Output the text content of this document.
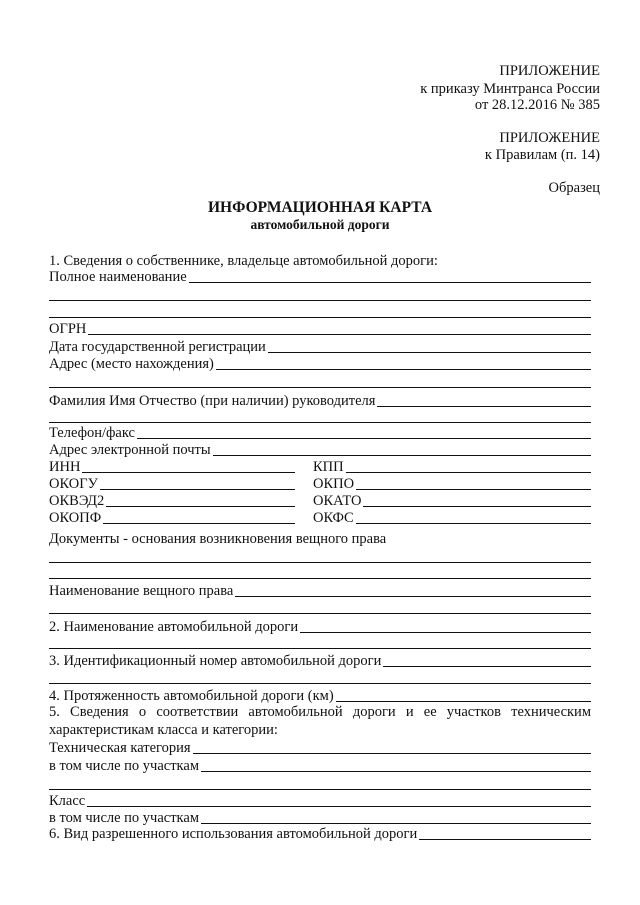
ПРИЛОЖЕНИЕ
к приказу Минтранса России
от 28.12.2016 № 385
ПРИЛОЖЕНИЕ
к Правилам (п. 14)
Образец
ИНФОРМАЦИОННАЯ КАРТА
автомобильной дороги
1. Сведения о собственнике, владельце автомобильной дороги:
Полное наименование
ОГРН
Дата государственной регистрации
Адрес (место нахождения)
Фамилия Имя Отчество (при наличии) руководителя
Телефон/факс
Адрес электронной почты
ИНН	КПП
ОКОГУ	ОКПО
ОКВЭД2	ОКАТО
ОКОПФ	ОКФС
Документы - основания возникновения вещного права
Наименование вещного права
2. Наименование автомобильной дороги
3. Идентификационный номер автомобильной дороги
4. Протяженность автомобильной дороги (км)
5. Сведения о соответствии автомобильной дороги и ее участков техническим
характеристикам класса и категории:
Техническая категория
в том числе по участкам
Класс
в том числе по участкам
6. Вид разрешенного использования автомобильной дороги
